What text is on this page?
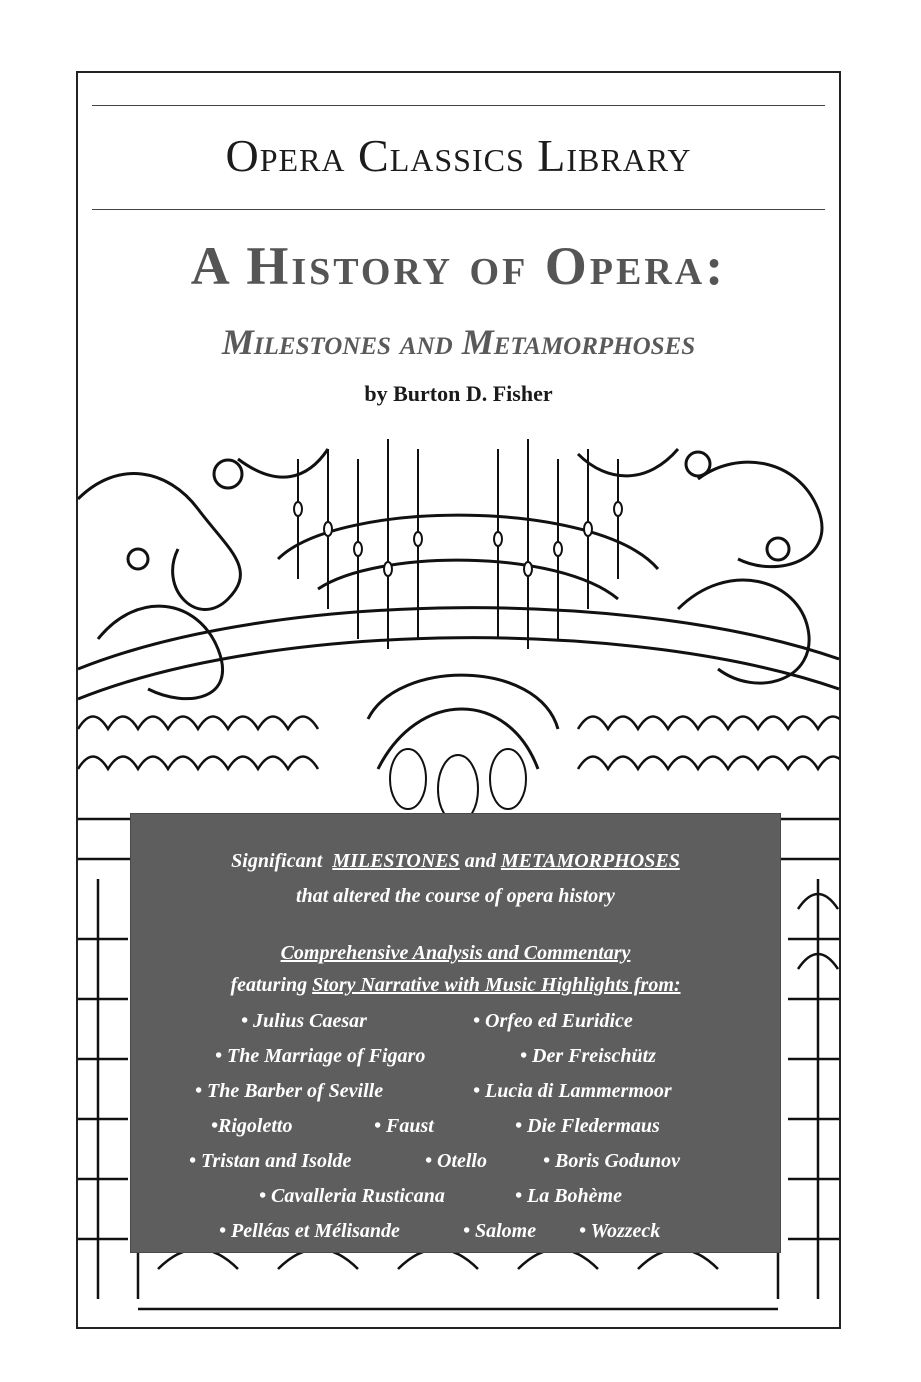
Opera Classics Library
A History of Opera:
Milestones and Metamorphoses
by Burton D. Fisher
Significant MILESTONES and METAMORPHOSES
that altered the course of opera history
Comprehensive Analysis and Commentary
featuring Story Narrative with Music Highlights from:
• Julius Caesar	• Orfeo ed Euridice
• The Marriage of Figaro	• Der Freischütz
• The Barber of Seville	• Lucia di Lammermoor
•Rigoletto	• Faust	• Die Fledermaus
• Tristan and Isolde	• Otello	• Boris Godunov
• Cavalleria Rusticana	• La Bohème
• Pelléas et Mélisande	• Salome • Wozzeck
